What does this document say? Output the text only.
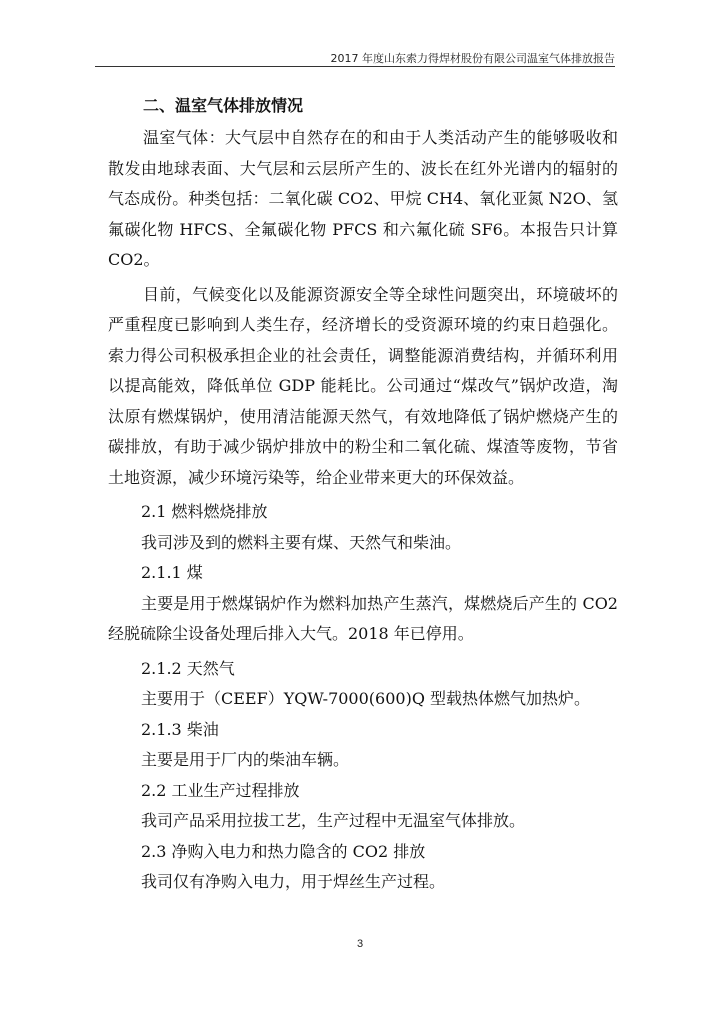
2017 年度山东索力得焊材股份有限公司温室气体排放报告
二、温室气体排放情况

温室气体：大气层中自然存在的和由于人类活动产生的能够吸收和散发由地球表面、大气层和云层所产生的、波长在红外光谱内的辐射的气态成份。种类包括：二氧化碳 CO2、甲烷 CH4、氧化亚氮 N2O、氢氟碳化物 HFCS、全氟碳化物 PFCS 和六氟化硫 SF6。本报告只计算 CO2。

目前，气候变化以及能源资源安全等全球性问题突出，环境破坏的严重程度已影响到人类生存，经济增长的受资源环境的约束日趋强化。索力得公司积极承担企业的社会责任，调整能源消费结构，并循环利用以提高能效，降低单位 GDP 能耗比。公司通过“煤改气”锅炉改造，淘汰原有燃煤锅炉，使用清洁能源天然气，有效地降低了锅炉燃烧产生的碳排放，有助于减少锅炉排放中的粉尘和二氧化硫、煤渣等废物，节省土地资源，减少环境污染等，给企业带来更大的环保效益。

2.1 燃料燃烧排放
我司涉及到的燃料主要有煤、天然气和柴油。
2.1.1 煤

主要是用于燃煤锅炉作为燃料加热产生蒸汽，煤燃烧后产生的 CO2 经脱硫除尘设备处理后排入大气。2018 年已停用。

2.1.2 天然气
主要用于（CEEF）YQW-7000(600)Q 型载热体燃气加热炉。
2.1.3 柴油
主要是用于厂内的柴油车辆。
2.2 工业生产过程排放
我司产品采用拉拔工艺，生产过程中无温室气体排放。
2.3 净购入电力和热力隐含的 CO2 排放
我司仅有净购入电力，用于焊丝生产过程。
3
